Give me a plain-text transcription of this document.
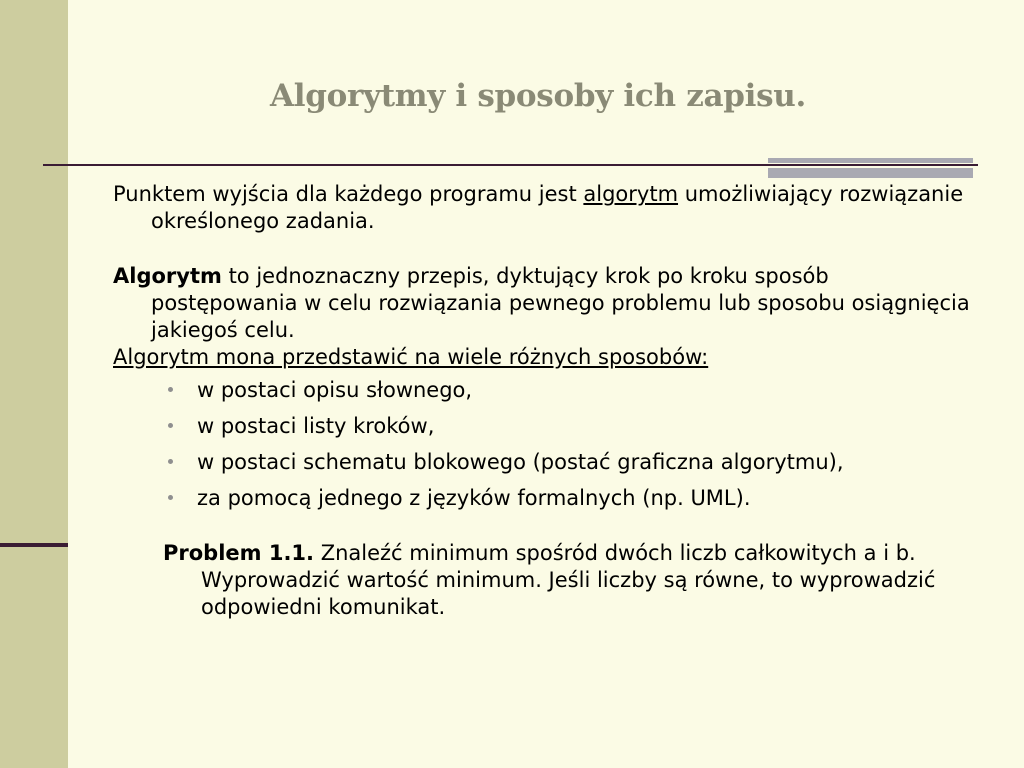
Algorytmy i sposoby ich zapisu.

Punktem wyjścia dla każdego programu jest algorytm umożliwiający rozwiązanie określonego zadania.

Algorytm to jednoznaczny przepis, dyktujący krok po kroku sposób postępowania w celu rozwiązania pewnego problemu lub sposobu osiągnięcia jakiegoś celu.

Algorytm mona przedstawić na wiele różnych sposobów:

w postaci opisu słownego,
w postaci listy kroków,
w postaci schematu blokowego (postać graficzna algorytmu),
za pomocą jednego z języków formalnych (np. UML).

Problem 1.1. Znaleźć minimum spośród dwóch liczb całkowitych a i b. Wyprowadzić wartość minimum. Jeśli liczby są równe, to wyprowadzić odpowiedni komunikat.
